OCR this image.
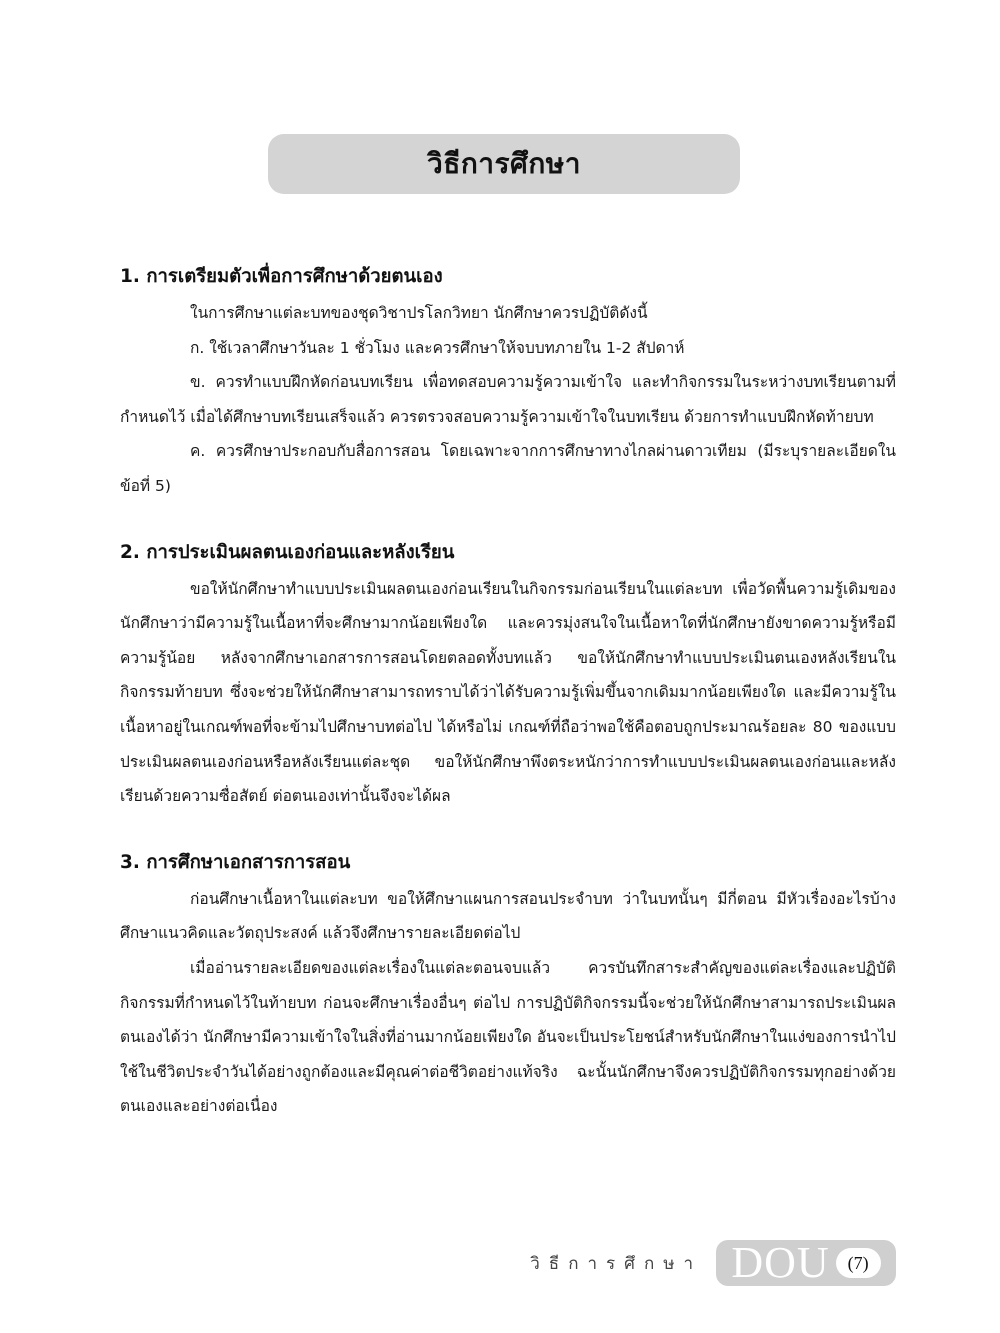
วิธีการศึกษา
1. การเตรียมตัวเพื่อการศึกษาด้วยตนเอง

ในการศึกษาแต่ละบทของชุดวิชาปรโลกวิทยา นักศึกษาควรปฏิบัติดังนี้

ก. ใช้เวลาศึกษาวันละ 1 ชั่วโมง และควรศึกษาให้จบบทภายใน 1-2 สัปดาห์

ข. ควรทำแบบฝึกหัดก่อนบทเรียน เพื่อทดสอบความรู้ความเข้าใจ และทำกิจกรรมในระหว่างบทเรียนตามที่กำหนดไว้ เมื่อได้ศึกษาบทเรียนเสร็จแล้ว ควรตรวจสอบความรู้ความเข้าใจในบทเรียน ด้วยการทำแบบฝึกหัดท้ายบท

ค. ควรศึกษาประกอบกับสื่อการสอน โดยเฉพาะจากการศึกษาทางไกลผ่านดาวเทียม (มีระบุรายละเอียดในข้อที่ 5)

2. การประเมินผลตนเองก่อนและหลังเรียน

ขอให้นักศึกษาทำแบบประเมินผลตนเองก่อนเรียนในกิจกรรมก่อนเรียนในแต่ละบท เพื่อวัดพื้นความรู้เดิมของนักศึกษาว่ามีความรู้ในเนื้อหาที่จะศึกษามากน้อยเพียงใด และควรมุ่งสนใจในเนื้อหาใดที่นักศึกษายังขาดความรู้หรือมีความรู้น้อย หลังจากศึกษาเอกสารการสอนโดยตลอดทั้งบทแล้ว ขอให้นักศึกษาทำแบบประเมินตนเองหลังเรียนในกิจกรรมท้ายบท ซึ่งจะช่วยให้นักศึกษาสามารถทราบได้ว่าได้รับความรู้เพิ่มขึ้นจากเดิมมากน้อยเพียงใด และมีความรู้ในเนื้อหาอยู่ในเกณฑ์พอที่จะข้ามไปศึกษาบทต่อไป ได้หรือไม่ เกณฑ์ที่ถือว่าพอใช้คือตอบถูกประมาณร้อยละ 80 ของแบบประเมินผลตนเองก่อนหรือหลังเรียนแต่ละชุด ขอให้นักศึกษาพึงตระหนักว่าการทำแบบประเมินผลตนเองก่อนและหลังเรียนด้วยความซื่อสัตย์ ต่อตนเองเท่านั้นจึงจะได้ผล

3. การศึกษาเอกสารการสอน

ก่อนศึกษาเนื้อหาในแต่ละบท ขอให้ศึกษาแผนการสอนประจำบท ว่าในบทนั้นๆ มีกี่ตอน มีหัวเรื่องอะไรบ้าง ศึกษาแนวคิดและวัตถุประสงค์ แล้วจึงศึกษารายละเอียดต่อไป

เมื่ออ่านรายละเอียดของแต่ละเรื่องในแต่ละตอนจบแล้ว ควรบันทึกสาระสำคัญของแต่ละเรื่องและปฏิบัติกิจกรรมที่กำหนดไว้ในท้ายบท ก่อนจะศึกษาเรื่องอื่นๆ ต่อไป การปฏิบัติกิจกรรมนี้จะช่วยให้นักศึกษาสามารถประเมินผลตนเองได้ว่า นักศึกษามีความเข้าใจในสิ่งที่อ่านมากน้อยเพียงใด อันจะเป็นประโยชน์สำหรับนักศึกษาในแง่ของการนำไปใช้ในชีวิตประจำวันได้อย่างถูกต้องและมีคุณค่าต่อชีวิตอย่างแท้จริง ฉะนั้นนักศึกษาจึงควรปฏิบัติกิจกรรมทุกอย่างด้วยตนเองและอย่างต่อเนื่อง

วิธีการศึกษา DOU	(7)
